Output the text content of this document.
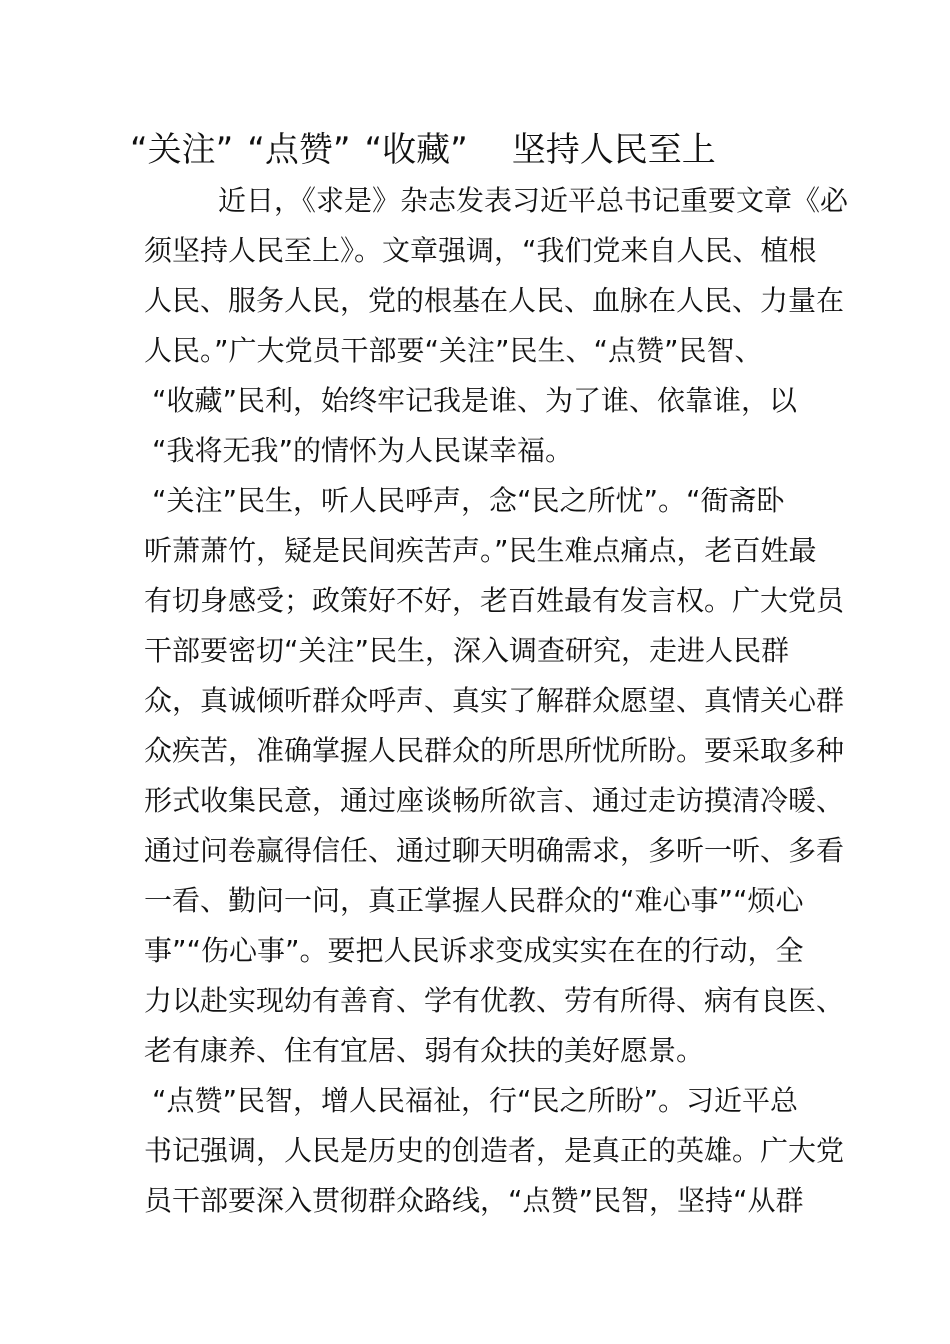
“关注” “点赞” “收藏” 坚持人民至上

近日，《求是》杂志发表习近平总书记重要文章《必

须坚持人民至上》。文章强调，“我们党来自人民、植根

人民、服务人民，党的根基在人民、血脉在人民、力量在

人民。”广大党员干部要“关注”民生、“点赞”民智、

“收藏”民利，始终牢记我是谁、为了谁、依靠谁，以

“我将无我”的情怀为人民谋幸福。

“关注”民生，听人民呼声，念“民之所忧”。“衙斋卧

听萧萧竹，疑是民间疾苦声。”民生难点痛点，老百姓最

有切身感受；政策好不好，老百姓最有发言权。广大党员

干部要密切“关注”民生，深入调查研究，走进人民群

众，真诚倾听群众呼声、真实了解群众愿望、真情关心群

众疾苦，准确掌握人民群众的所思所忧所盼。要采取多种

形式收集民意，通过座谈畅所欲言、通过走访摸清冷暖、

通过问卷赢得信任、通过聊天明确需求，多听一听、多看

一看、勤问一问，真正掌握人民群众的“难心事”“烦心

事”“伤心事”。要把人民诉求变成实实在在的行动，全

力以赴实现幼有善育、学有优教、劳有所得、病有良医、

老有康养、住有宜居、弱有众扶的美好愿景。

“点赞”民智，增人民福祉，行“民之所盼”。习近平总

书记强调，人民是历史的创造者，是真正的英雄。广大党

员干部要深入贯彻群众路线，“点赞”民智，坚持“从群
